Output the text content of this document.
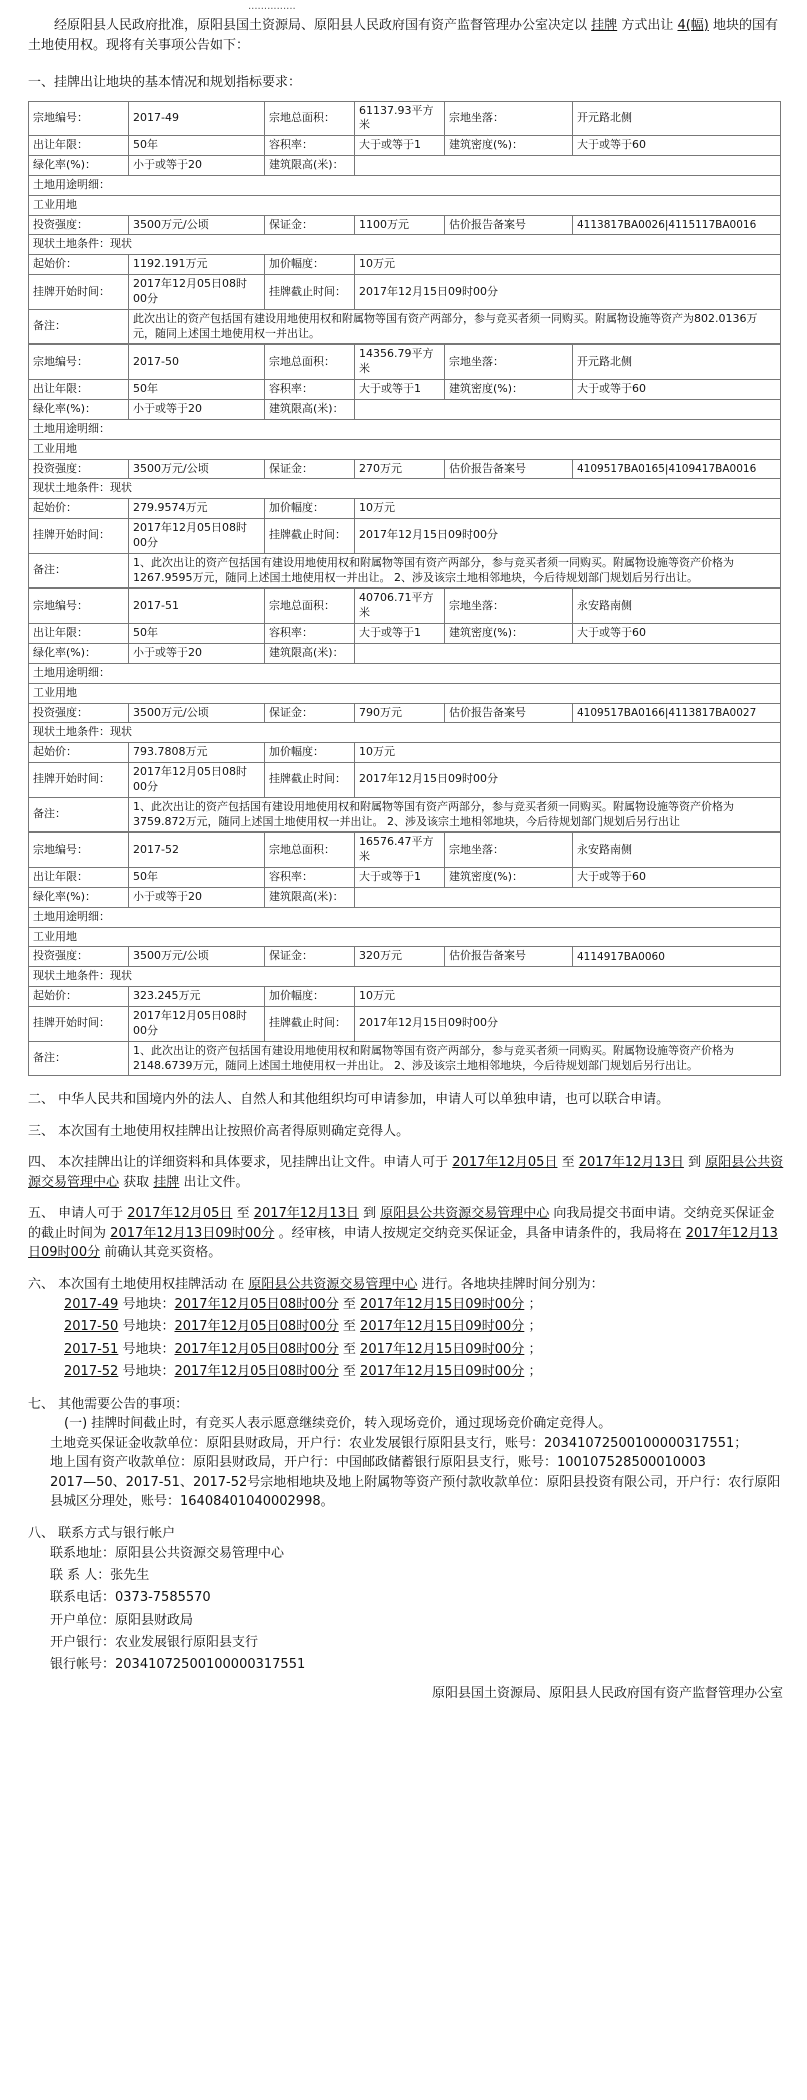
...............

经原阳县人民政府批准，原阳县国土资源局、原阳县人民政府国有资产监督管理办公室决定以 挂牌 方式出让 4(幅) 地块的国有土地使用权。现将有关事项公告如下：

一、挂牌出让地块的基本情况和规划指标要求：
宗地编号：	2017-49	宗地总面积：	61137.93平方米	宗地坐落：	开元路北侧
出让年限：	50年	容积率：	大于或等于1	建筑密度(%)：	大于或等于60
绿化率(%)：	小于或等于20	建筑限高(米)：			
土地用途明细：					
工业用地					
投资强度：	3500万元/公顷	保证金：	1100万元	估价报告备案号	4113817BA0026|4115117BA0016
现状土地条件：现状					
起始价：	1192.191万元	加价幅度：	10万元		
挂牌开始时间：	2017年12月05日08时00分	挂牌截止时间：	2017年12月15日09时00分		
备注：	此次出让的资产包括国有建设用地使用权和附属物等国有资产两部分，参与竞买者须一同购买。附属物设施等资产为802.0136万元，随同上述国土地使用权一并出让。				
宗地编号：	2017-50	宗地总面积：	14356.79平方米	宗地坐落：	开元路北侧
出让年限：	50年	容积率：	大于或等于1	建筑密度(%)：	大于或等于60
绿化率(%)：	小于或等于20	建筑限高(米)：			
土地用途明细：					
工业用地					
投资强度：	3500万元/公顷	保证金：	270万元	估价报告备案号	4109517BA0165|4109417BA0016
现状土地条件：现状					
起始价：	279.9574万元	加价幅度：	10万元		
挂牌开始时间：	2017年12月05日08时00分	挂牌截止时间：	2017年12月15日09时00分		
备注：	1、此次出让的资产包括国有建设用地使用权和附属物等国有资产两部分，参与竞买者须一同购买。附属物设施等资产价格为1267.9595万元，随同上述国土地使用权一并出让。 2、涉及该宗土地相邻地块，今后待规划部门规划后另行出让。				
宗地编号：	2017-51	宗地总面积：	40706.71平方米	宗地坐落：	永安路南侧
出让年限：	50年	容积率：	大于或等于1	建筑密度(%)：	大于或等于60
绿化率(%)：	小于或等于20	建筑限高(米)：			
土地用途明细：					
工业用地					
投资强度：	3500万元/公顷	保证金：	790万元	估价报告备案号	4109517BA0166|4113817BA0027
现状土地条件：现状					
起始价：	793.7808万元	加价幅度：	10万元		
挂牌开始时间：	2017年12月05日08时00分	挂牌截止时间：	2017年12月15日09时00分		
备注：	1、此次出让的资产包括国有建设用地使用权和附属物等国有资产两部分，参与竞买者须一同购买。附属物设施等资产价格为3759.872万元，随同上述国土地使用权一并出让。 2、涉及该宗土地相邻地块，今后待规划部门规划后另行出让				
宗地编号：	2017-52	宗地总面积：	16576.47平方米	宗地坐落：	永安路南侧
出让年限：	50年	容积率：	大于或等于1	建筑密度(%)：	大于或等于60
绿化率(%)：	小于或等于20	建筑限高(米)：			
土地用途明细：					
工业用地					
投资强度：	3500万元/公顷	保证金：	320万元	估价报告备案号	4114917BA0060
现状土地条件：现状					
起始价：	323.245万元	加价幅度：	10万元		
挂牌开始时间：	2017年12月05日08时00分	挂牌截止时间：	2017年12月15日09时00分		
备注：	1、此次出让的资产包括国有建设用地使用权和附属物等国有资产两部分，参与竞买者须一同购买。附属物设施等资产价格为2148.6739万元，随同上述国土地使用权一并出让。 2、涉及该宗土地相邻地块，今后待规划部门规划后另行出让。				

二、 中华人民共和国境内外的法人、自然人和其他组织均可申请参加，申请人可以单独申请，也可以联合申请。

三、 本次国有土地使用权挂牌出让按照价高者得原则确定竞得人。

四、 本次挂牌出让的详细资料和具体要求，见挂牌出让文件。申请人可于 2017年12月05日 至 2017年12月13日 到 原阳县公共资源交易管理中心 获取 挂牌 出让文件。

五、 申请人可于 2017年12月05日 至 2017年12月13日 到 原阳县公共资源交易管理中心 向我局提交书面申请。交纳竞买保证金的截止时间为 2017年12月13日09时00分 。经审核，申请人按规定交纳竞买保证金，具备申请条件的，我局将在 2017年12月13日09时00分 前确认其竞买资格。

六、 本次国有土地使用权挂牌活动 在 原阳县公共资源交易管理中心 进行。各地块挂牌时间分别为：
2017-49 号地块：2017年12月05日08时00分 至 2017年12月15日09时00分 ；
2017-50 号地块：2017年12月05日08时00分 至 2017年12月15日09时00分 ；
2017-51 号地块：2017年12月05日08时00分 至 2017年12月15日09时00分 ；
2017-52 号地块：2017年12月05日08时00分 至 2017年12月15日09时00分 ；
七、 其他需要公告的事项：
(一) 挂牌时间截止时，有竞买人表示愿意继续竞价，转入现场竞价，通过现场竞价确定竞得人。
土地竞买保证金收款单位：原阳县财政局，开户行：农业发展银行原阳县支行，账号：20341072500100000317551；
地上国有资产收款单位：原阳县财政局，开户行：中国邮政储蓄银行原阳县支行，账号：100107528500010003
2017—50、2017-51、2017-52号宗地相地块及地上附属物等资产预付款收款单位：原阳县投资有限公司，开户行：农行原阳县城区分理处，账号：16408401040002998。
八、 联系方式与银行帐户
联系地址：原阳县公共资源交易管理中心
联 系 人：张先生
联系电话：0373-7585570
开户单位：原阳县财政局
开户银行：农业发展银行原阳县支行
银行帐号：20341072500100000317551
原阳县国土资源局、原阳县人民政府国有资产监督管理办公室
